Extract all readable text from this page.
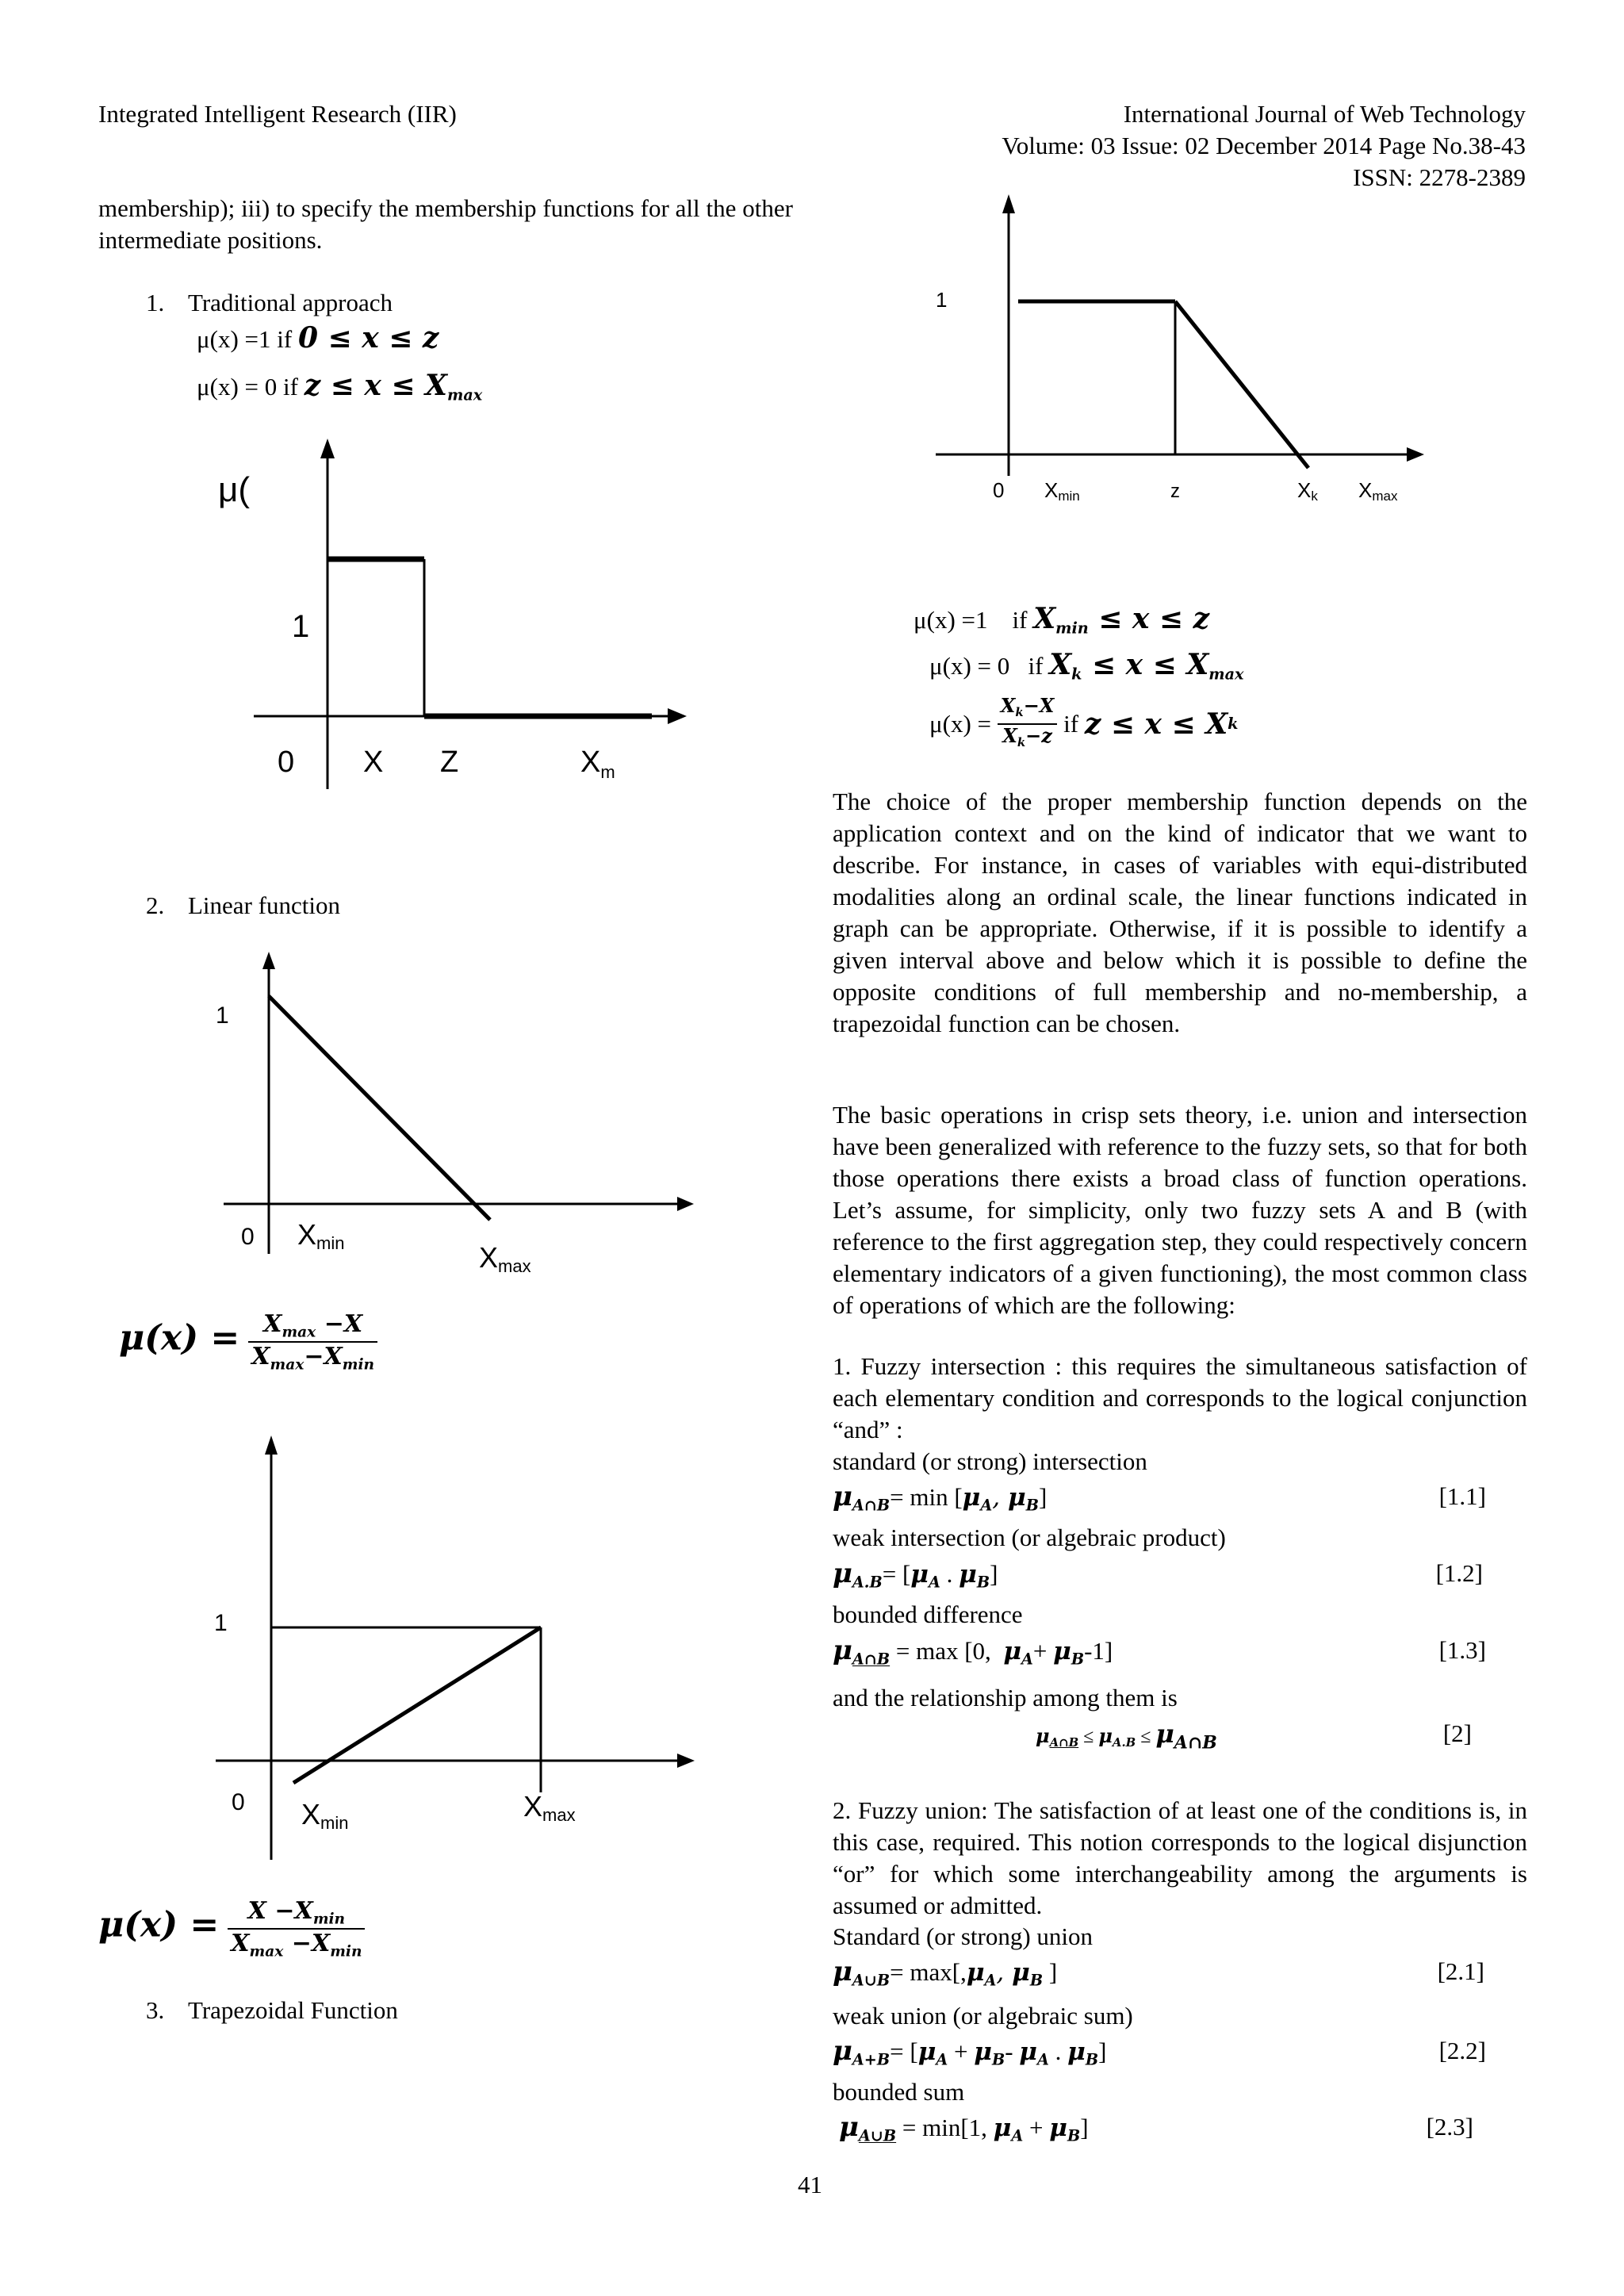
Integrated Intelligent Research (IIR)	International Journal of Web Technology
Volume: 03 Issue: 02 December 2014 Page No.38-43
ISSN: 2278-2389
membership); iii) to specify the membership functions for all the other intermediate positions.
1. Traditional approach
μ(x) =1 if 0 ≤ x ≤ z
μ(x) = 0 if $z \le x \le X_{max}$
μ(
1
0 X Z	$X_m$
2. Linear function
1
0 Xmin	Xmax
$\mu(x) = \frac{X_{max} -X}{X_{max}-X_{min}}$
1
0 Xmin
Xmax
$\mu(x) = \frac{X -X_{min}}{X_{max} -X_{min}}$
3. Trapezoidal Function
1
0 Xmin	z	Xk Xmax
μ(x) =1    if $X_{min} \le x \le z$
μ(x) = 0   if $X_k \le x \le X_{max}$
$\mu(x) = \frac{X_k-X}{X_k-z}$ if z ≤ x ≤ X k
The choice of the proper membership function depends on the application context and on the kind of indicator that we want to describe. For instance, in cases of variables with equi-distributed modalities along an ordinal scale, the linear functions indicated in graph can be appropriate. Otherwise, if it is possible to identify a given interval above and below which it is possible to define the opposite conditions of full membership and no-membership, a trapezoidal function can be chosen.
The basic operations in crisp sets theory, i.e. union and intersection have been generalized with reference to the fuzzy sets, so that for both those operations there exists a broad class of function operations. Let’s assume, for simplicity, only two fuzzy sets A and B (with reference to the first aggregation step, they could respectively concern elementary indicators of a given functioning), the most common class of operations of which are the following:
1. Fuzzy intersection : this requires the simultaneous satisfaction of each elementary condition and corresponds to the logical conjunction “and” :
standard (or strong) intersection
$\mu_{A\cap B}= \min [\mu_A$, $\mu_B$]	[1.1]
weak intersection (or algebraic product)
$\mu_{A.B}= [\mu_A$ . $\mu_B$]	[1.2]
bounded difference
$\mu_{A\cap B} = \max [0$,  $\mu_A+ \mu_B-1$]	[1.3]
and the relationship among them is
$\mu_{A\cap B} \le \mu_{A.B}$ ≤ μA∩B	[2]
2. Fuzzy union: The satisfaction of at least one of the conditions is, in this case, required. This notion corresponds to the logical disjunction “or” for which some interchangeability among the arguments is assumed or admitted.
Standard (or strong) union
$\mu_{A\cup B}= \max[,\mu_A$, $\mu_B$ ]	[2.1]
weak union (or algebraic sum)
$\mu_{A+B}= [\mu_A + \mu_B-$ $\mu_A$ . $\mu_B$]	[2.2]
bounded sum
$\mu_{A\cup B} = \min[1$, $\mu_A + \mu_B$]	[2.3]
41
